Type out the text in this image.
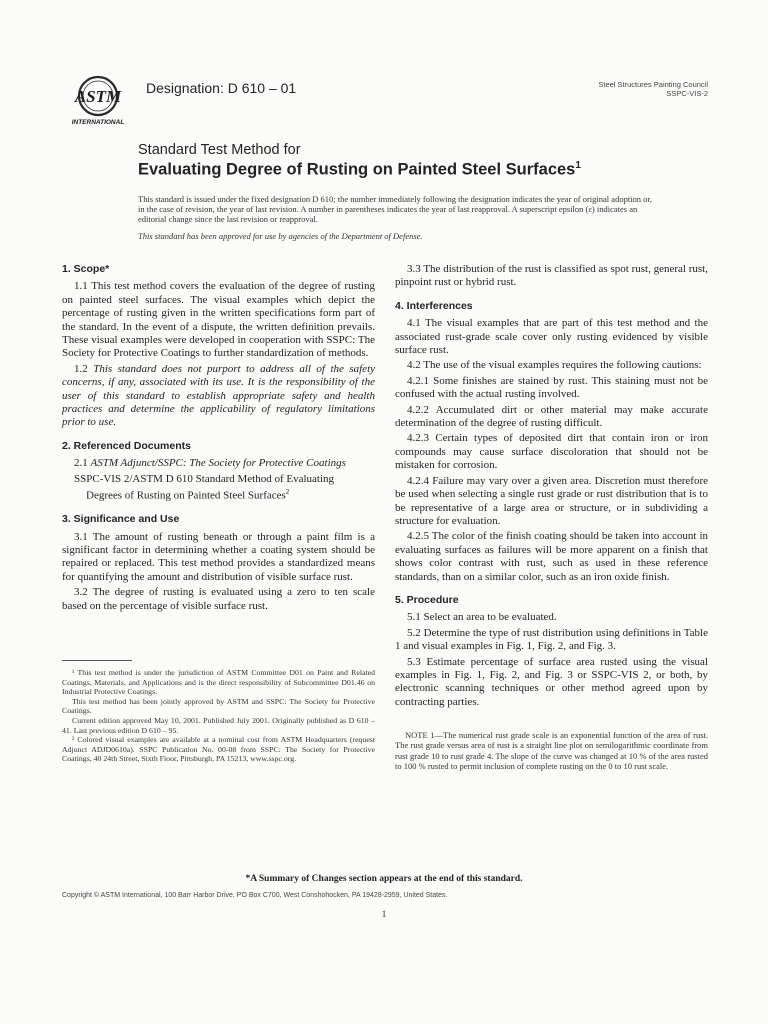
ASTM
INTERNATIONAL
Designation: D 610 – 01	Steel Structures Painting Council
SSPC-VIS-2
Standard Test Method for
Evaluating Degree of Rusting on Painted Steel Surfaces$^1$

This standard is issued under the fixed designation D 610; the number immediately following the designation indicates the year of original adoption or, in the case of revision, the year of last revision. A number in parentheses indicates the year of last reapproval. A superscript epsilon (ε) indicates an editorial change since the last revision or reapproval.

This standard has been approved for use by agencies of the Department of Defense.

1. Scope*

1.1 This test method covers the evaluation of the degree of rusting on painted steel surfaces. The visual examples which depict the percentage of rusting given in the written specifications form part of the standard. In the event of a dispute, the written definition prevails. These visual examples were developed in cooperation with SSPC: The Society for Protective Coatings to further standardization of methods.

1.2 This standard does not purport to address all of the safety concerns, if any, associated with its use. It is the responsibility of the user of this standard to establish appropriate safety and health practices and determine the applicability of regulatory limitations prior to use.

2. Referenced Documents

2.1 ASTM Adjunct/SSPC: The Society for Protective Coatings

SSPC-VIS 2/ASTM D 610 Standard Method of Evaluating

Degrees of Rusting on Painted Steel Surfaces$^2$

3. Significance and Use

3.1 The amount of rusting beneath or through a paint film is a significant factor in determining whether a coating system should be repaired or replaced. This test method provides a standardized means for quantifying the amount and distribution of visible surface rust.

3.2 The degree of rusting is evaluated using a zero to ten scale based on the percentage of visible surface rust.

¹ This test method is under the jurisdiction of ASTM Committee D01 on Paint and Related Coatings, Materials, and Applications and is the direct responsibility of Subcommittee D01.46 on Industrial Protective Coatings.

This test method has been jointly approved by ASTM and SSPC: The Society for Protective Coatings.

Current edition approved May 10, 2001. Published July 2001. Originally published as D 610 – 41. Last previous edition D 610 – 95.

² Colored visual examples are available at a nominal cost from ASTM Headquarters (request Adjunct ADJD0610a). SSPC Publication No. 00-08 from SSPC: The Society for Protective Coatings, 40 24th Street, Sixth Floor, Pittsburgh, PA 15213, www.sspc.org.

3.3 The distribution of the rust is classified as spot rust, general rust, pinpoint rust or hybrid rust.

4. Interferences

4.1 The visual examples that are part of this test method and the associated rust-grade scale cover only rusting evidenced by visible surface rust.

4.2 The use of the visual examples requires the following cautions:

4.2.1 Some finishes are stained by rust. This staining must not be confused with the actual rusting involved.

4.2.2 Accumulated dirt or other material may make accurate determination of the degree of rusting difficult.

4.2.3 Certain types of deposited dirt that contain iron or iron compounds may cause surface discoloration that should not be mistaken for corrosion.

4.2.4 Failure may vary over a given area. Discretion must therefore be used when selecting a single rust grade or rust distribution that is to be representative of a large area or structure, or in subdividing a structure for evaluation.

4.2.5 The color of the finish coating should be taken into account in evaluating surfaces as failures will be more apparent on a finish that shows color contrast with rust, such as used in these reference standards, than on a similar color, such as an iron oxide finish.

5. Procedure

5.1 Select an area to be evaluated.

5.2 Determine the type of rust distribution using definitions in Table 1 and visual examples in Fig. 1, Fig. 2, and Fig. 3.

5.3 Estimate percentage of surface area rusted using the visual examples in Fig. 1, Fig. 2, and Fig. 3 or SSPC-VIS 2, or both, by electronic scanning techniques or other method agreed upon by contracting parties.

NOTE 1—The numerical rust grade scale is an exponential function of the area of rust. The rust grade versus area of rust is a straight line plot on semilogarithmic coordinate from rust grade 10 to rust grade 4. The slope of the curve was changed at 10 % of the area rusted to 100 % rusted to permit inclusion of complete rusting on the 0 to 10 rust scale.

*A Summary of Changes section appears at the end of this standard.
Copyright © ASTM International, 100 Barr Harbor Drive, PO Box C700, West Conshohocken, PA 19428-2959, United States.
1
